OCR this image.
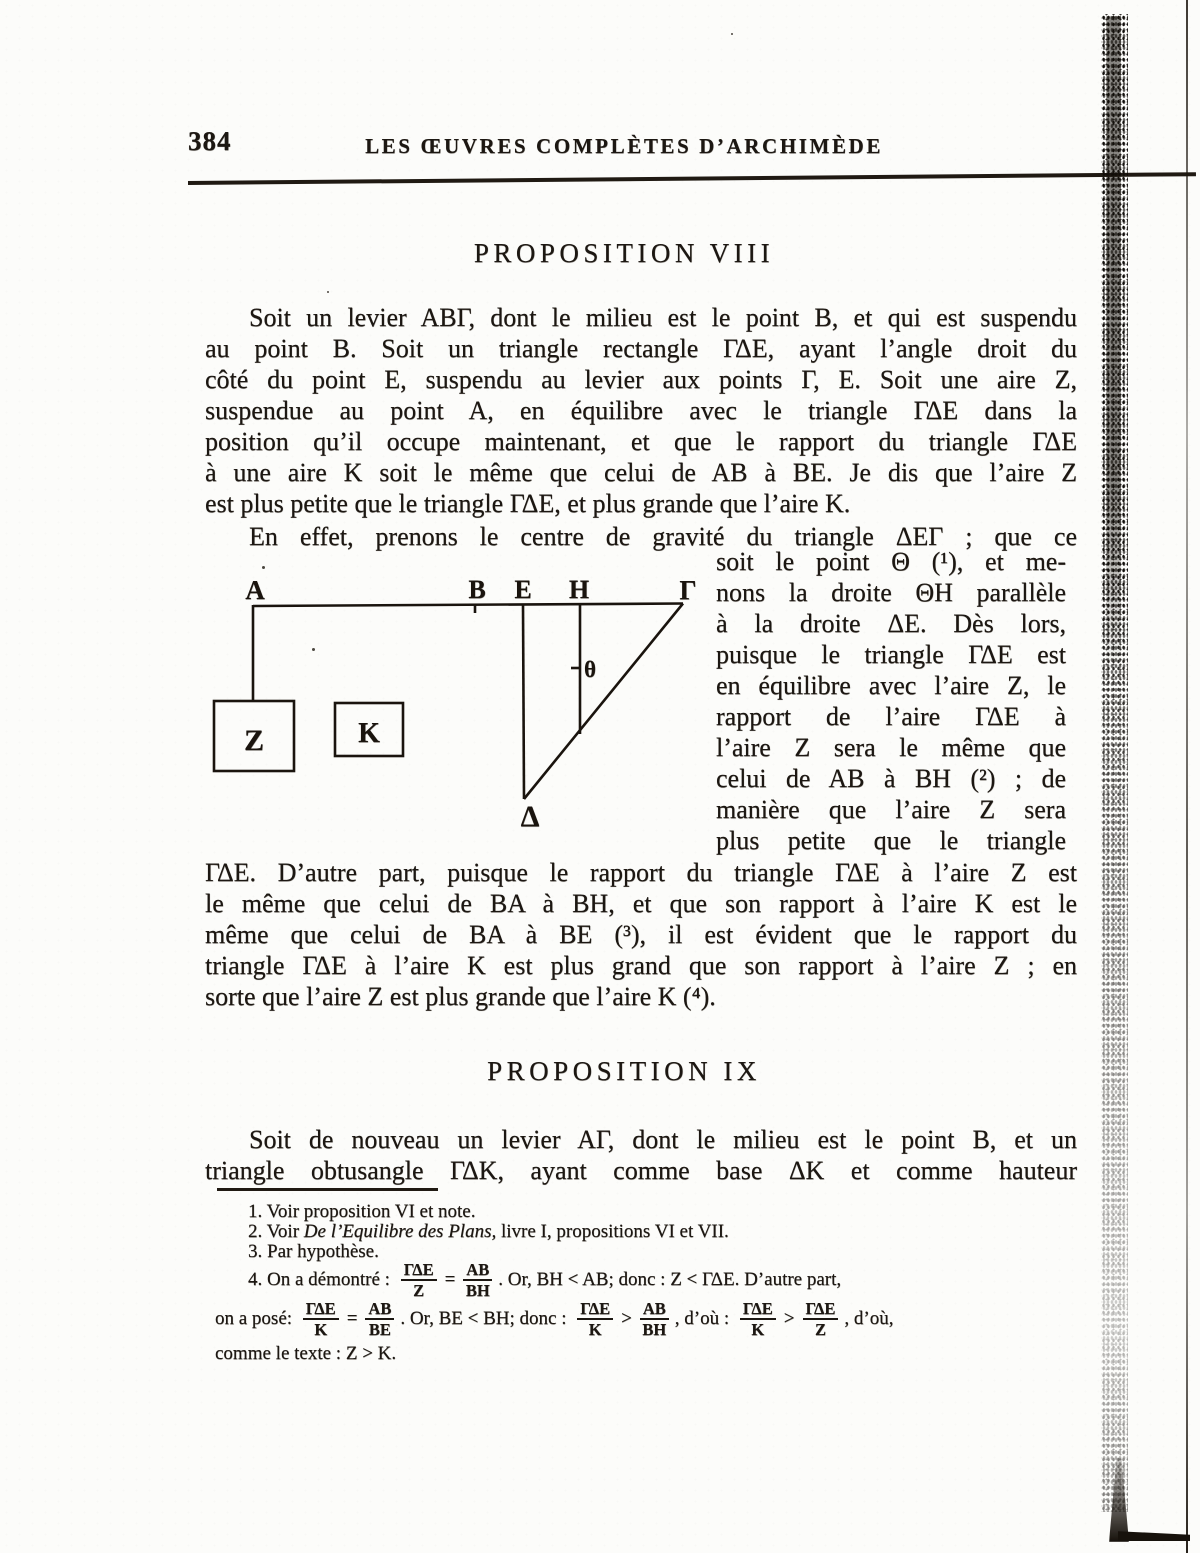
384	LES ŒUVRES COMPLÈTES D’ARCHIMÈDE
PROPOSITION VIII
Soit un levier ABΓ, dont le milieu est le point B, et qui est suspendu
au point B. Soit un triangle rectangle ΓΔE, ayant l’angle droit du
côté du point E, suspendu au levier aux points Γ, E. Soit une aire Z,
suspendue au point A, en équilibre avec le triangle ΓΔE dans la
position qu’il occupe maintenant, et que le rapport du triangle ΓΔE
à une aire K soit le même que celui de AB à BE. Je dis que l’aire Z
est plus petite que le triangle ΓΔE, et plus grande que l’aire K.
En effet, prenons le centre de gravité du triangle ΔEΓ ; que ce
soit le point Θ (¹), et me-
nons la droite ΘH parallèle
à la droite ΔE. Dès lors,
puisque le triangle ΓΔE est
en équilibre avec l’aire Z, le
rapport de l’aire ΓΔE à
l’aire Z sera le même que
celui de AB à BH (²) ; de
manière que l’aire Z sera
plus petite que le triangle
A	B E H	Γ
θ
Δ
Z	K
ΓΔE. D’autre part, puisque le rapport du triangle ΓΔE à l’aire Z est
le même que celui de BA à BH, et que son rapport à l’aire K est le
même que celui de BA à BE (³), il est évident que le rapport du
triangle ΓΔE à l’aire K est plus grand que son rapport à l’aire Z ; en
sorte que l’aire Z est plus grande que l’aire K (⁴).
PROPOSITION IX
Soit de nouveau un levier AΓ, dont le milieu est le point B, et un
triangle obtusangle ΓΔK, ayant comme base ΔK et comme hauteur
1. Voir proposition VI et note.
2. Voir De l’Equilibre des Plans, livre I, propositions VI et VII.
3. Par hypothèse.
4.
On a démontré : $\frac{\text{ΓΔE}}{Z} = \frac{AB}{BH}$ . Or, BH < AB; donc : Z < ΓΔE. D’autre part,
on a posé: $\frac{\text{ΓΔE}}{K} = \frac{AB}{BE}$ . Or, BE < BH; donc : $\frac{\text{ΓΔE}}{K} > \frac{AB}{BH}$ , d’où : $\frac{\text{ΓΔE}}{K} > \frac{\text{ΓΔE}}{Z}$ , d’où,
comme le texte : Z > K.
